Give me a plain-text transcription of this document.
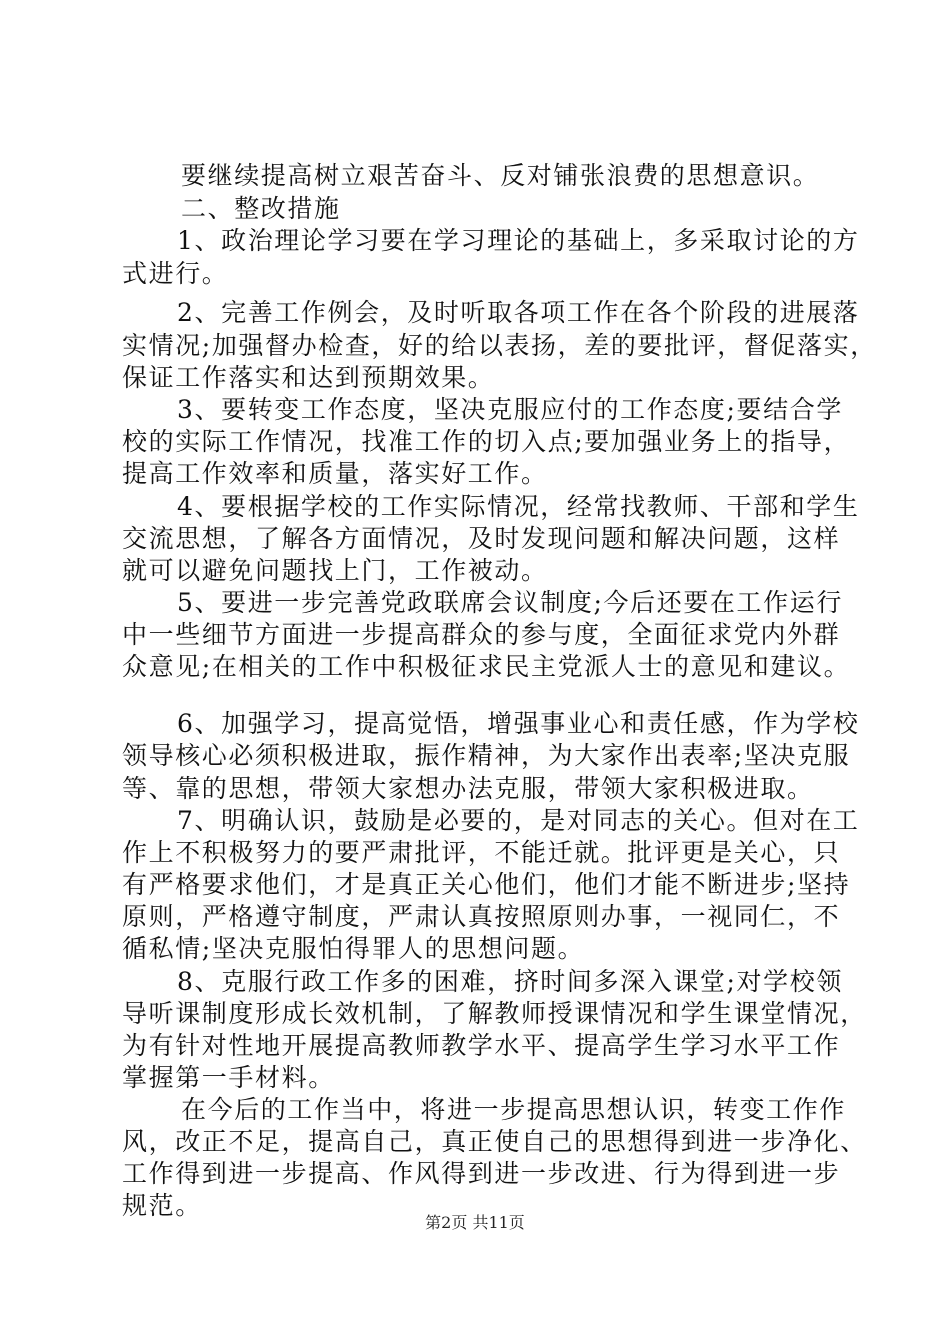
要继续提高树立艰苦奋斗、反对铺张浪费的思想意识。
二、整改措施
1、政治理论学习要在学习理论的基础上，多采取讨论的方
式进行。
2、完善工作例会，及时听取各项工作在各个阶段的进展落
实情况;加强督办检查，好的给以表扬，差的要批评，督促落实，
保证工作落实和达到预期效果。
3、要转变工作态度，坚决克服应付的工作态度;要结合学
校的实际工作情况，找准工作的切入点;要加强业务上的指导，
提高工作效率和质量，落实好工作。
4、要根据学校的工作实际情况，经常找教师、干部和学生
交流思想，了解各方面情况，及时发现问题和解决问题，这样
就可以避免问题找上门，工作被动。
5、要进一步完善党政联席会议制度;今后还要在工作运行
中一些细节方面进一步提高群众的参与度，全面征求党内外群
众意见;在相关的工作中积极征求民主党派人士的意见和建议。
6、加强学习，提高觉悟，增强事业心和责任感，作为学校
领导核心必须积极进取，振作精神，为大家作出表率;坚决克服
等、靠的思想，带领大家想办法克服，带领大家积极进取。
7、明确认识，鼓励是必要的，是对同志的关心。但对在工
作上不积极努力的要严肃批评，不能迁就。批评更是关心，只
有严格要求他们，才是真正关心他们，他们才能不断进步;坚持
原则，严格遵守制度，严肃认真按照原则办事，一视同仁，不
循私情;坚决克服怕得罪人的思想问题。
8、克服行政工作多的困难，挤时间多深入课堂;对学校领
导听课制度形成长效机制，了解教师授课情况和学生课堂情况，
为有针对性地开展提高教师教学水平、提高学生学习水平工作
掌握第一手材料。
在今后的工作当中，将进一步提高思想认识，转变工作作
风，改正不足，提高自己，真正使自己的思想得到进一步净化、
工作得到进一步提高、作风得到进一步改进、行为得到进一步
规范。
第2页 共11页
